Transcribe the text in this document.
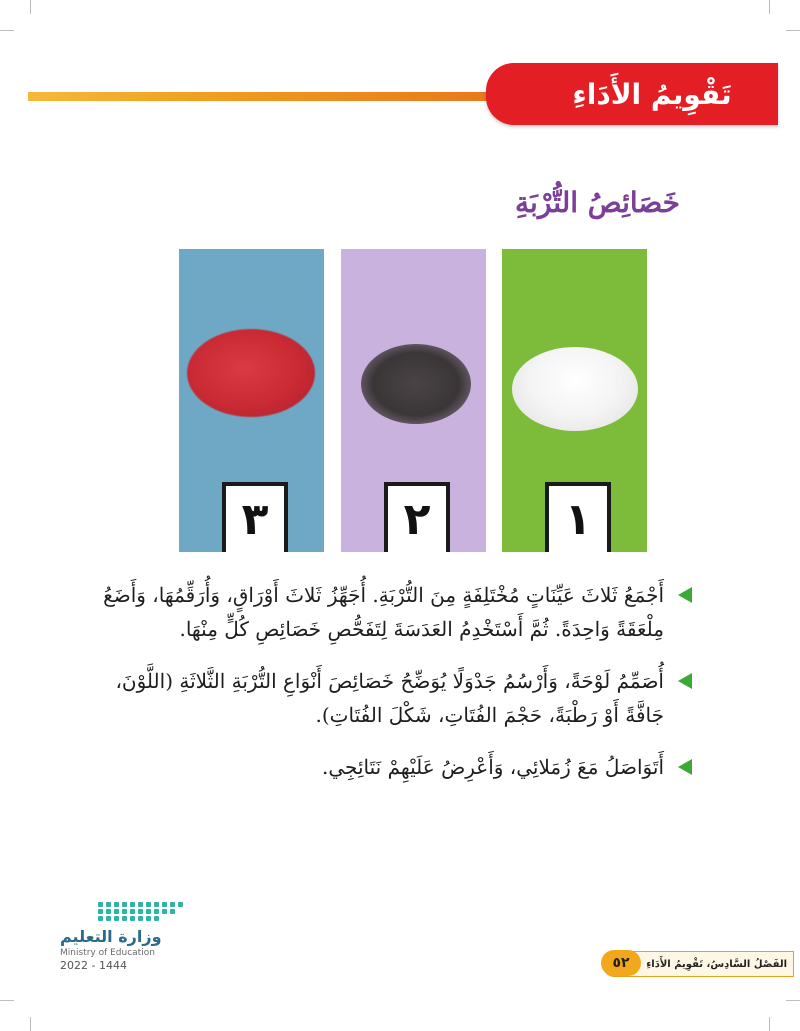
تَقْوِيمُ الأَدَاءِ
خَصَائِصُ التُّرْبَةِ
٣	٢	١
أَجْمَعُ ثَلاثَ عَيِّنَاتٍ مُخْتَلِفَةٍ مِنَ التُّرْبَةِ. أُجَهِّزُ ثَلاثَ أَوْرَاقٍ، وَأُرَقِّمُهَا، وَأَضَعُ مِلْعَقَةً وَاحِدَةً. ثُمَّ أَسْتَخْدِمُ العَدَسَةَ لِتَفَحُّصِ خَصَائِصِ كُلٍّ مِنْهَا.
أُصَمِّمُ لَوْحَةً، وَأَرْسُمُ جَدْوَلًا يُوَضِّحُ خَصَائِصَ أَنْوَاعِ التُّرْبَةِ الثَّلاثَةِ (اللَّوْنَ، جَافَّةً أَوْ رَطْبَةً، حَجْمَ الفُتَاتِ، شَكْلَ الفُتَاتِ).
أَتَوَاصَلُ مَعَ زُمَلائِي، وَأَعْرِضُ عَلَيْهِمْ نَتَائِجِي.
وزارة التعليم
Ministry of Education
2022 - 1444	الفَصْلُ السَّادِسُ، تَقْوِيمُ الأَدَاءِ
٥٢
